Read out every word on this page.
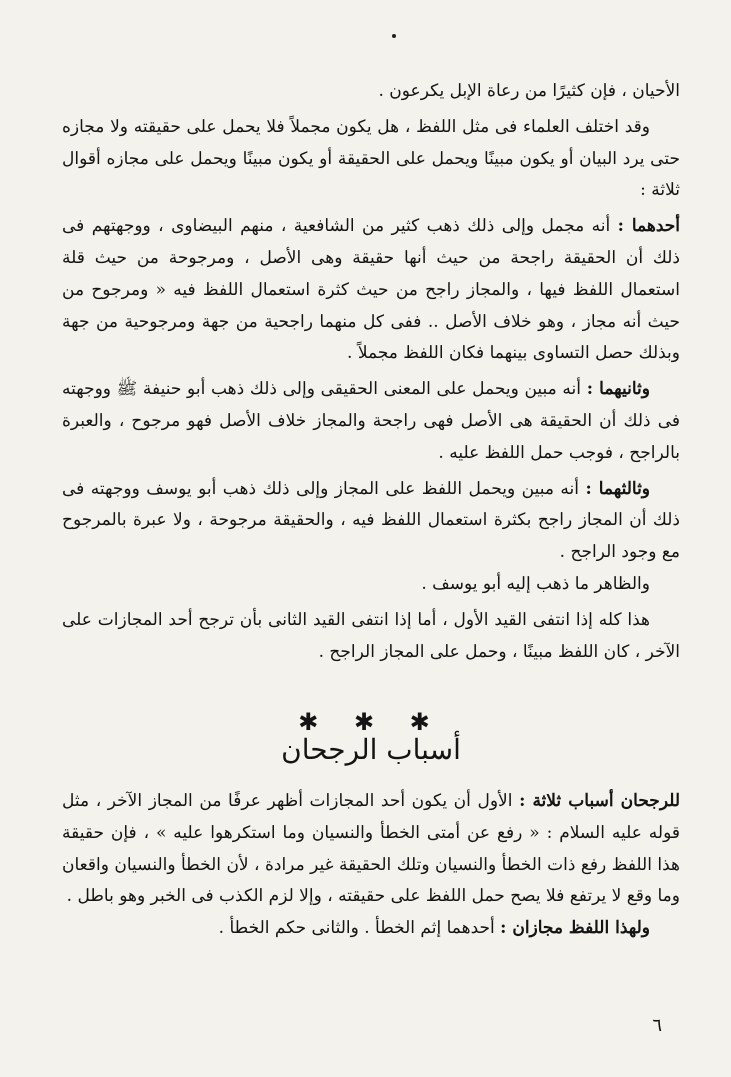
الأحيان ، فإن كثيرًا من رعاة الإبل يكرعون .

وقد اختلف العلماء فى مثل اللفظ ، هل يكون مجملاً فلا يحمل على حقيقته ولا مجازه حتى يرد البيان أو يكون مبينًا ويحمل على الحقيقة أو يكون مبينًا ويحمل على مجازه أقوال ثلاثة :

أحدهما : أنه مجمل وإلى ذلك ذهب كثير من الشافعية ، منهم البيضاوى ، ووجهتهم فى ذلك أن الحقيقة راجحة من حيث أنها حقيقة وهى الأصل ، ومرجوحة من حيث قلة استعمال اللفظ فيها ، والمجاز راجح من حيث كثرة استعمال اللفظ فيه « ومرجوح من حيث أنه مجاز ، وهو خلاف الأصل .. ففى كل منهما راجحية من جهة ومرجوحية من جهة وبذلك حصل التساوى بينهما فكان اللفظ مجملاً .

وثانيهما : أنه مبين ويحمل على المعنى الحقيقى وإلى ذلك ذهب أبو حنيفة ﷺ ووجهته فى ذلك أن الحقيقة هى الأصل فهى راجحة والمجاز خلاف الأصل فهو مرجوح ، والعبرة بالراجح ، فوجب حمل اللفظ عليه .

وثالثهما : أنه مبين ويحمل اللفظ على المجاز وإلى ذلك ذهب أبو يوسف ووجهته فى ذلك أن المجاز راجح بكثرة استعمال اللفظ فيه ، والحقيقة مرجوحة ، ولا عبرة بالمرجوح مع وجود الراجح .

والظاهر ما ذهب إليه أبو يوسف .

هذا كله إذا انتفى القيد الأول ، أما إذا انتفى القيد الثانى بأن ترجح أحد المجازات على الآخر ، كان اللفظ مبينًا ، وحمل على المجاز الراجح .

✱ ✱ ✱
أسباب الرجحان

للرجحان أسباب ثلاثة : الأول أن يكون أحد المجازات أظهر عرفًا من المجاز الآخر ، مثل قوله عليه السلام : « رفع عن أمتى الخطأ والنسيان وما استكرهوا عليه » ، فإن حقيقة هذا اللفظ رفع ذات الخطأ والنسيان وتلك الحقيقة غير مرادة ، لأن الخطأ والنسيان واقعان وما وقع لا يرتفع فلا يصح حمل اللفظ على حقيقته ، وإلا لزم الكذب فى الخبر وهو باطل .

ولهذا اللفظ مجازان : أحدهما إثم الخطأ . والثانى حكم الخطأ .

٦
